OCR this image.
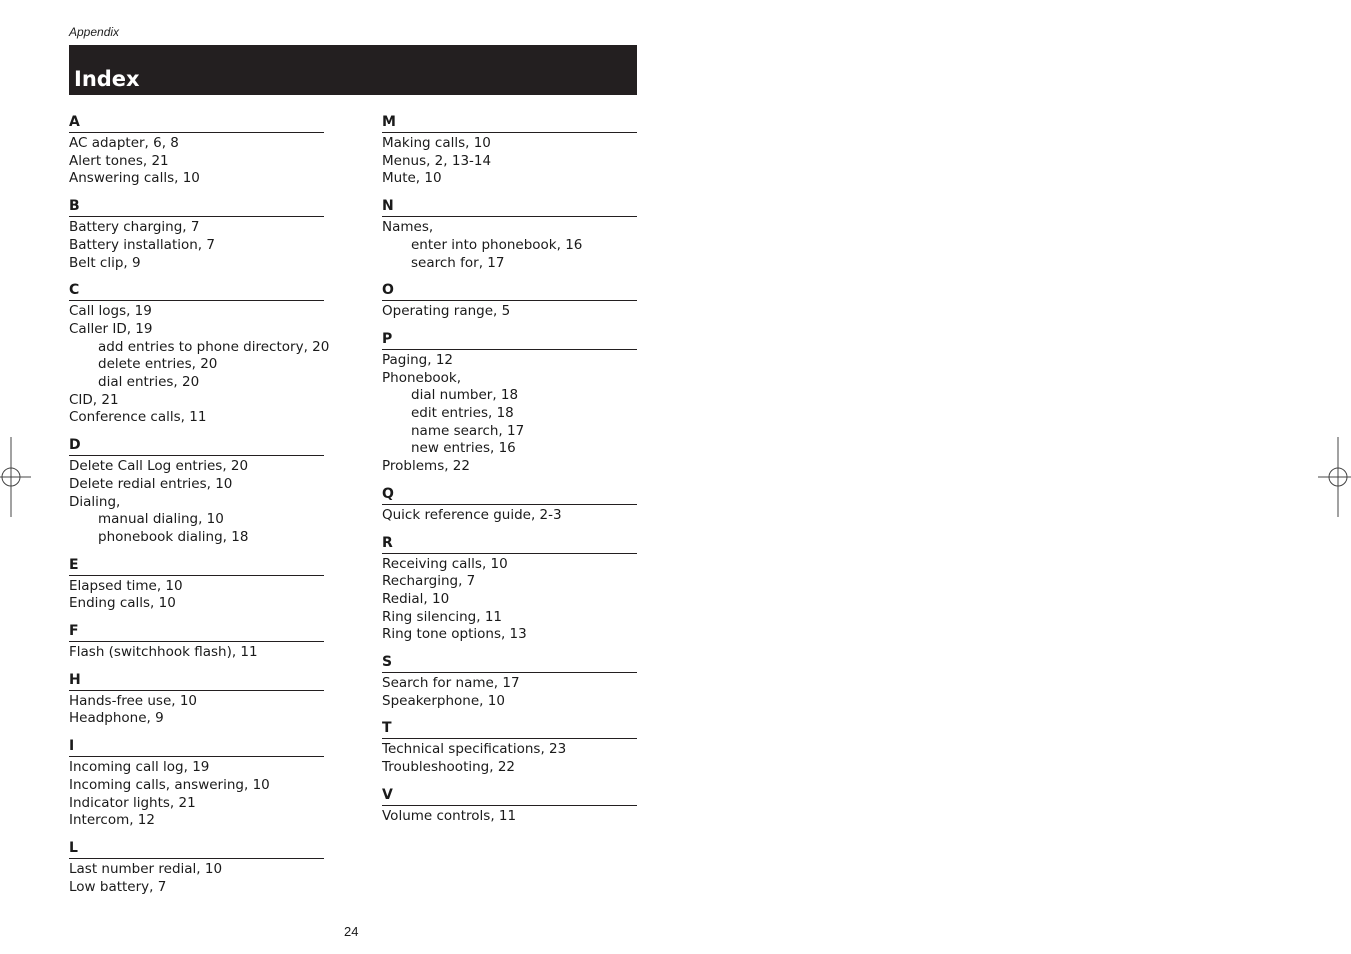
Appendix
Index
A
AC adapter, 6, 8
Alert tones, 21
Answering calls, 10
B
Battery charging, 7
Battery installation, 7
Belt clip, 9
C
Call logs, 19
Caller ID, 19
add entries to phone directory, 20
delete entries, 20
dial entries, 20
CID, 21
Conference calls, 11
D
Delete Call Log entries, 20
Delete redial entries, 10
Dialing,
manual dialing, 10
phonebook dialing, 18
E
Elapsed time, 10
Ending calls, 10
F
Flash (switchhook flash), 11
H
Hands-free use, 10
Headphone, 9
I
Incoming call log, 19
Incoming calls, answering, 10
Indicator lights, 21
Intercom, 12
L
Last number redial, 10
Low battery, 7
M
Making calls, 10
Menus, 2, 13-14
Mute, 10
N
Names,
enter into phonebook, 16
search for, 17
O
Operating range, 5
P
Paging, 12
Phonebook,
dial number, 18
edit entries, 18
name search, 17
new entries, 16
Problems, 22
Q
Quick reference guide, 2-3
R
Receiving calls, 10
Recharging, 7
Redial, 10
Ring silencing, 11
Ring tone options, 13
S
Search for name, 17
Speakerphone, 10
T
Technical specifications, 23
Troubleshooting, 22
V
Volume controls, 11
24
